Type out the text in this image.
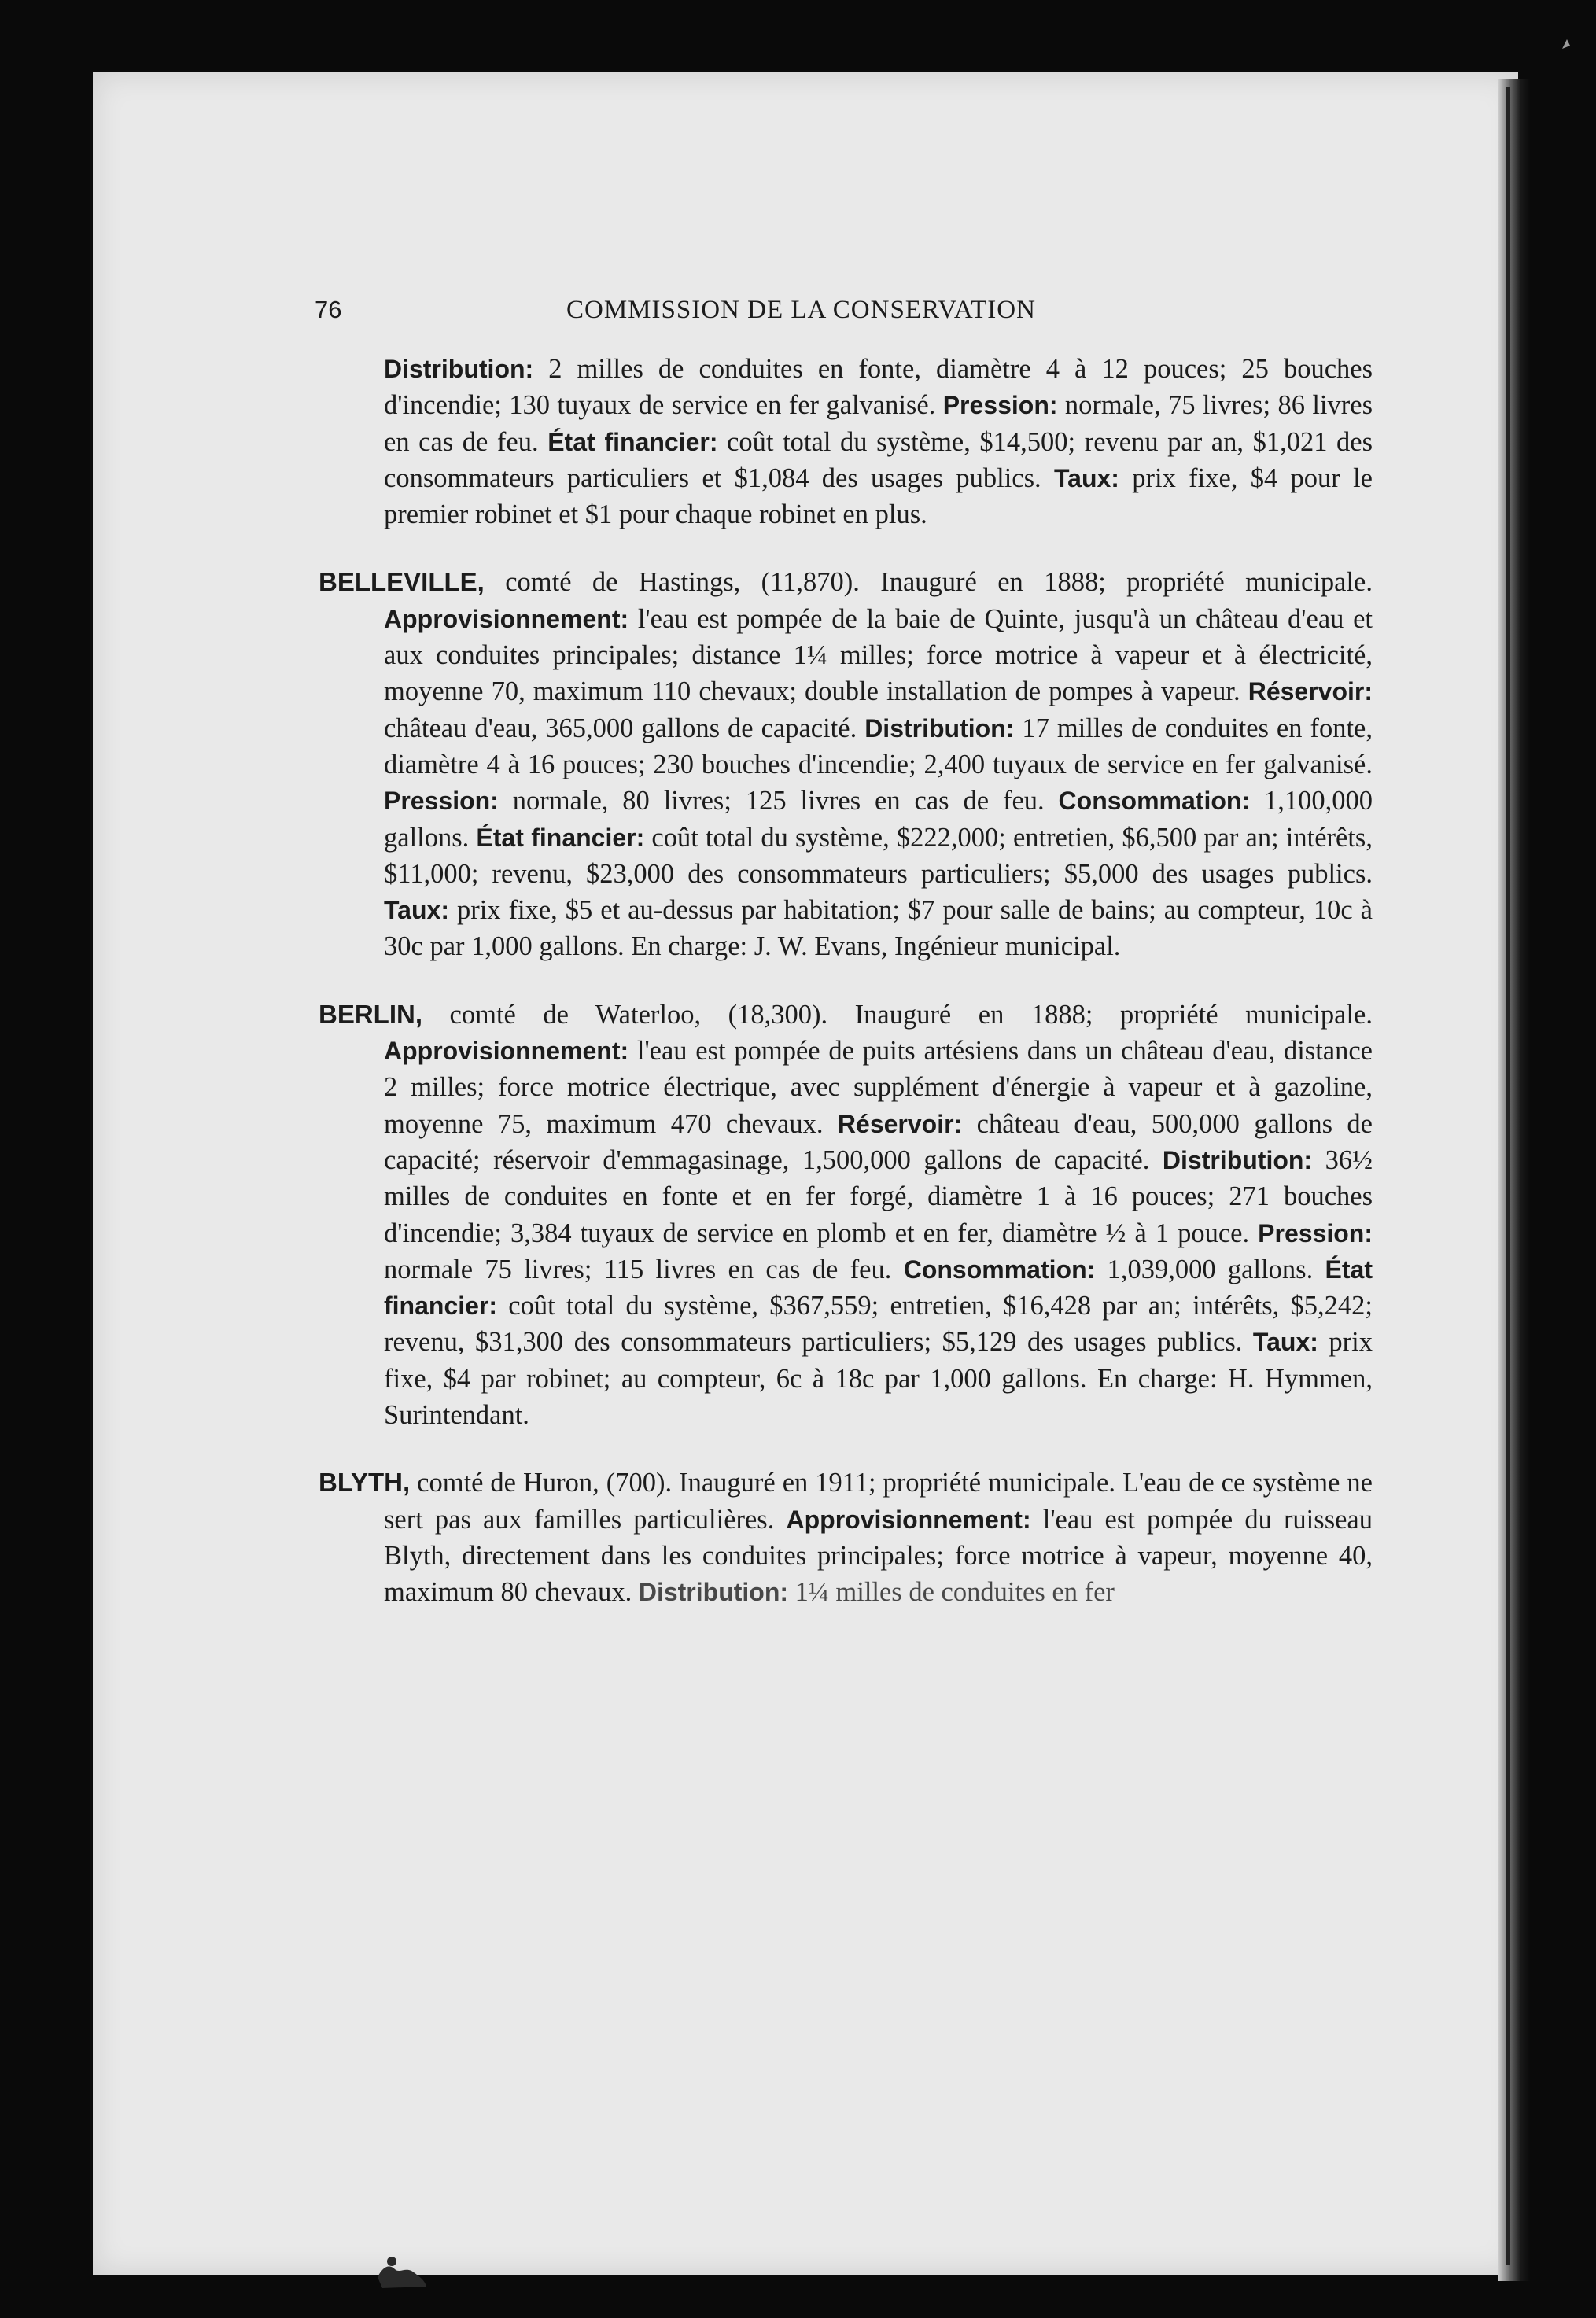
76	COMMISSION DE LA CONSERVATION

Distribution: 2 milles de conduites en fonte, diamètre 4 à 12 pouces; 25 bouches d'incendie; 130 tuyaux de service en fer galvanisé. Pression: normale, 75 livres; 86 livres en cas de feu. État financier: coût total du système, $14,500; revenu par an, $1,021 des consommateurs particuliers et $1,084 des usages publics. Taux: prix fixe, $4 pour le premier robinet et $1 pour chaque robinet en plus.

BELLEVILLE, comté de Hastings, (11,870). Inauguré en 1888; propriété municipale. Approvisionnement: l'eau est pompée de la baie de Quinte, jusqu'à un château d'eau et aux conduites principales; distance 1¼ milles; force motrice à vapeur et à électricité, moyenne 70, maximum 110 chevaux; double installation de pompes à vapeur. Réservoir: château d'eau, 365,000 gallons de capacité. Distribution: 17 milles de conduites en fonte, diamètre 4 à 16 pouces; 230 bouches d'incendie; 2,400 tuyaux de service en fer galvanisé. Pression: normale, 80 livres; 125 livres en cas de feu. Consommation: 1,100,000 gallons. État financier: coût total du système, $222,000; entretien, $6,500 par an; intérêts, $11,000; revenu, $23,000 des consommateurs particuliers; $5,000 des usages publics. Taux: prix fixe, $5 et au-dessus par habitation; $7 pour salle de bains; au compteur, 10c à 30c par 1,000 gallons. En charge: J. W. Evans, Ingénieur municipal.

BERLIN, comté de Waterloo, (18,300). Inauguré en 1888; propriété municipale. Approvisionnement: l'eau est pompée de puits artésiens dans un château d'eau, distance 2 milles; force motrice électrique, avec supplément d'énergie à vapeur et à gazoline, moyenne 75, maximum 470 chevaux. Réservoir: château d'eau, 500,000 gallons de capacité; réservoir d'emmagasinage, 1,500,000 gallons de capacité. Distribution: 36½ milles de conduites en fonte et en fer forgé, diamètre 1 à 16 pouces; 271 bouches d'incendie; 3,384 tuyaux de service en plomb et en fer, diamètre ½ à 1 pouce. Pression: normale 75 livres; 115 livres en cas de feu. Consommation: 1,039,000 gallons. État financier: coût total du système, $367,559; entretien, $16,428 par an; intérêts, $5,242; revenu, $31,300 des consommateurs particuliers; $5,129 des usages publics. Taux: prix fixe, $4 par robinet; au compteur, 6c à 18c par 1,000 gallons. En charge: H. Hymmen, Surintendant.

BLYTH, comté de Huron, (700). Inauguré en 1911; propriété municipale. L'eau de ce système ne sert pas aux familles particulières. Approvisionnement: l'eau est pompée du ruisseau Blyth, directement dans les conduites principales; force motrice à vapeur, moyenne 40, maximum 80 chevaux. Distribution: 1¼ milles de conduites en fer
